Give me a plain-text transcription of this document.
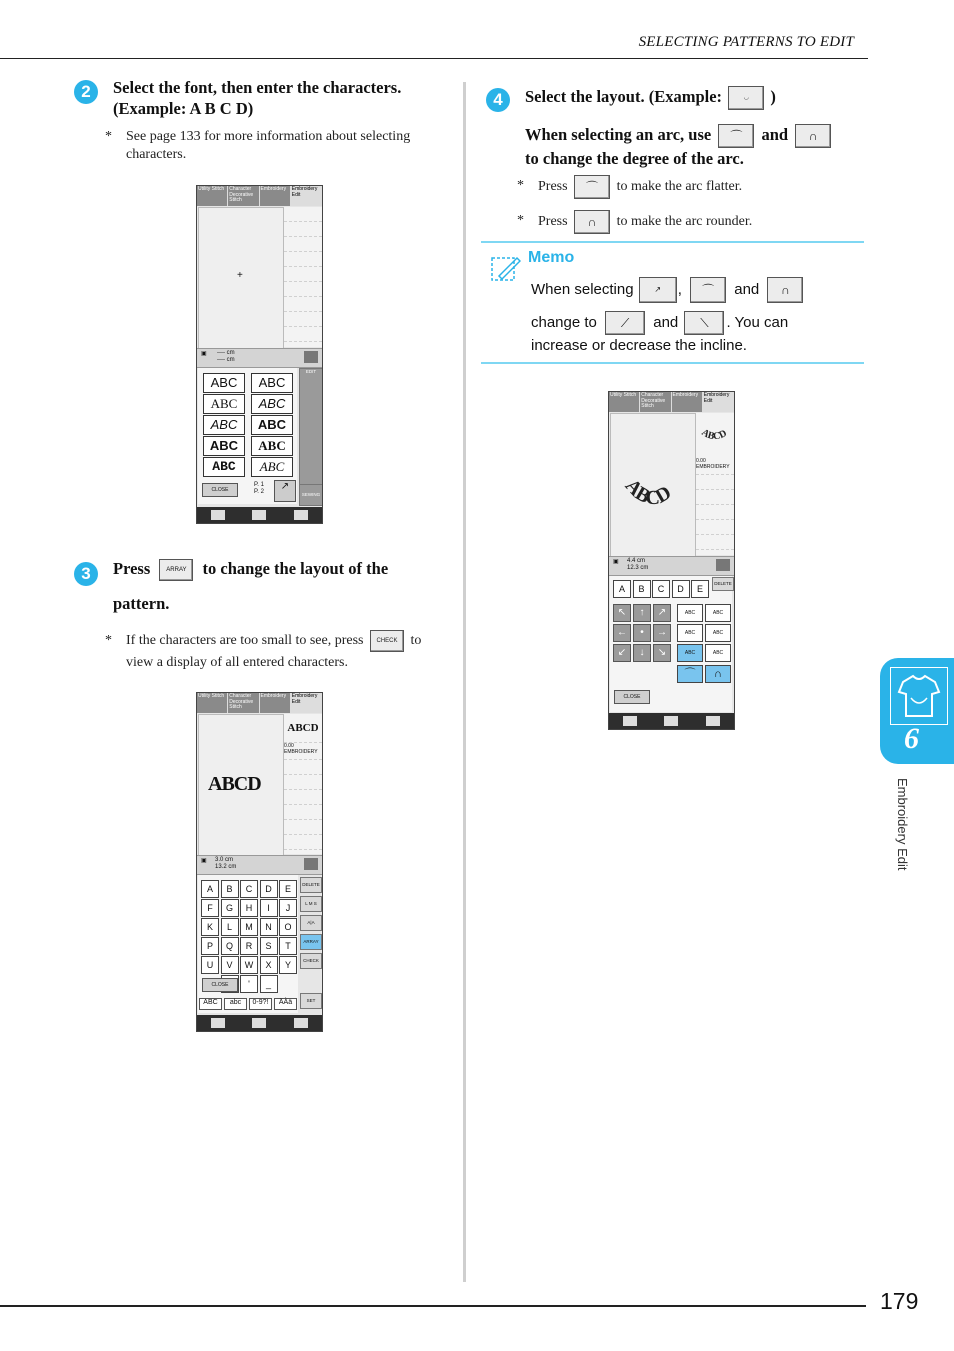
SELECTING PATTERNS TO EDIT
2	Select the font, then enter the characters.
(Example: A B C D)
* See page 133 for more information about selecting
characters.
Utility Stitch	Character Decorative Stitch
Embroidery	Embroidery Edit
+
▣ ---- cm
---- cm
ABC	ABC
ABC	ABC
ABC	ABC
ABC	ABC
ABC	ABC
CLOSE
P. 1
P. 2	↗
EDIT
SEWING
3	Press	ARRAY to change the layout of the
pattern.
* If the characters are too small to see, press CHECK to
view a display of all entered characters.
Utility Stitch	Character Decorative Stitch
Embroidery	Embroidery Edit
ABCD
ABCD
0.00
EMBROIDERY
▣ 3.0 cm
13.2 cm
A	B	C	D	E
F	G	H	I	J
K	L	M	N	O
P	Q	R	S	T
U	V	W	X	Y
'	_
CLOSE
ABC	abc	0-9?!	ÄÀä
DELETE
L M S
A|A
ARRAY
CHECK
SET
4	Select the layout. (Example:	◡ )
When selecting an arc, use ⌒ and ∩
to change the degree of the arc.
* Press ⌒ to make the arc flatter.
* Press ∩ to make the arc rounder.
Memo
When selecting	↗ , ⌒ and ∩
change to ⟋ and ⟍ . You can
increase or decrease the incline.
Utility Stitch	Character Decorative Stitch
Embroidery	Embroidery Edit
ABCD
ABCD
0.00
EMBROIDERY
▣ 4.4 cm
12.3 cm
A	B	C	D	E
DELETE
↖	↑	↗
←	•	→
↙	↓	↘
ABC	ABC
ABC	ABC
ABC	ABC
⌒	∩
CLOSE
6
Embroidery Edit
179
